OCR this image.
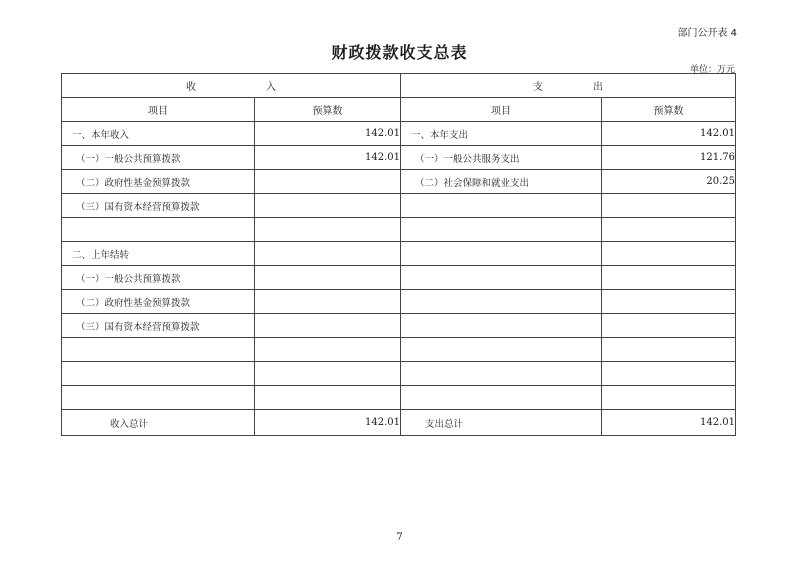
部门公开表 4
财政拨款收支总表
单位：万元
收　　　　　　　入		支　　　　　出	
项目	预算数	项目	预算数
一、本年收入	142.01	一、本年支出	142.01
（一）一般公共预算拨款	142.01	（一）一般公共服务支出	121.76
（二）政府性基金预算拨款		（二）社会保障和就业支出	20.25
（三）国有资本经营预算拨款			

二、上年结转			
（一）一般公共预算拨款			
（二）政府性基金预算拨款			
（三）国有资本经营预算拨款			

收入总计	142.01	支出总计	142.01
7
